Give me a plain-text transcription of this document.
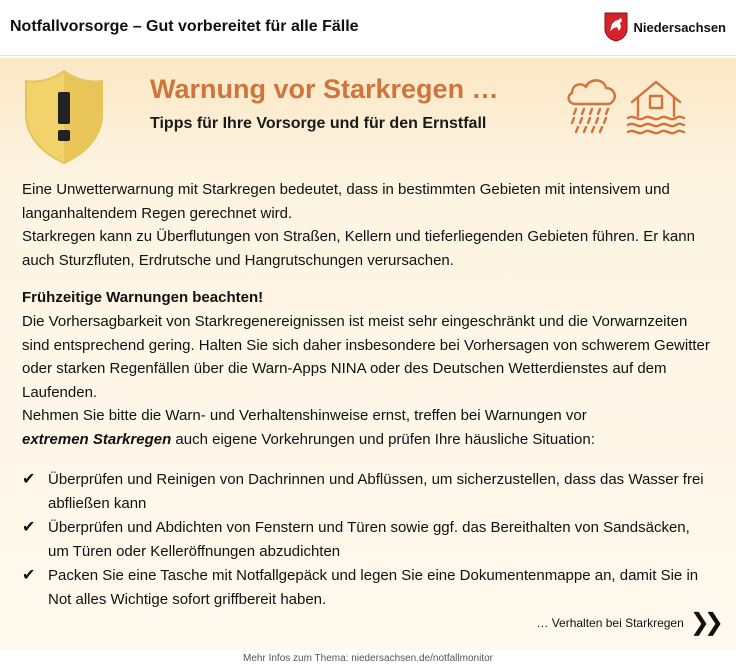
Notfallvorsorge – Gut vorbereitet für alle Fälle	Niedersachsen
Warnung vor Starkregen …
Tipps für Ihre Vorsorge und für den Ernstfall

Eine Unwetterwarnung mit Starkregen bedeutet, dass in bestimmten Gebieten mit intensivem und langanhaltendem Regen gerechnet wird.

Starkregen kann zu Überflutungen von Straßen, Kellern und tieferliegenden Gebieten führen. Er kann auch Sturzfluten, Erdrutsche und Hangrutschungen verursachen.

Frühzeitige Warnungen beachten!

Die Vorhersagbarkeit von Starkregenereignissen ist meist sehr eingeschränkt und die Vorwarnzeiten sind entsprechend gering. Halten Sie sich daher insbesondere bei Vorhersagen von schwerem Gewitter oder starken Regenfällen über die Warn-Apps NINA oder des Deutschen Wetterdienstes auf dem Laufenden.

Nehmen Sie bitte die Warn- und Verhaltenshinweise ernst, treffen bei Warnungen vor
extremen Starkregen auch eigene Vorkehrungen und prüfen Ihre häusliche Situation:

✔ Überprüfen und Reinigen von Dachrinnen und Abflüssen, um sicherzustellen, dass das Wasser frei abfließen kann
✔ Überprüfen und Abdichten von Fenstern und Türen sowie ggf. das Bereithalten von Sandsäcken, um Türen oder Kelleröffnungen abzudichten
✔ Packen Sie eine Tasche mit Notfallgepäck und legen Sie eine Dokumentenmappe an, damit Sie in Not alles Wichtige sofort griffbereit haben.
… Verhalten bei Starkregen ❯❯
Mehr Infos zum Thema: niedersachsen.de/notfallmonitor
